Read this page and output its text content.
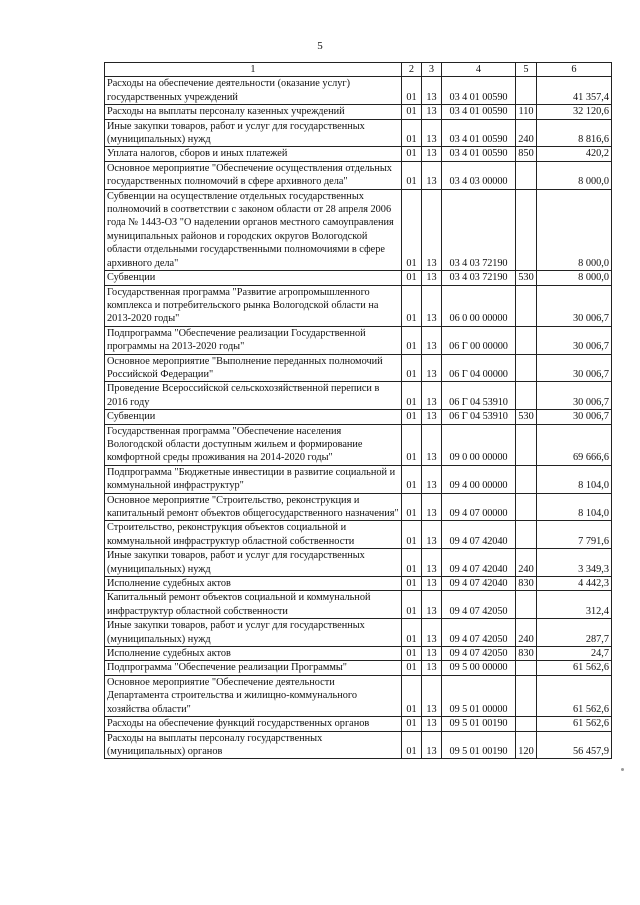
5
1	2	3	4	5	6
Расходы на обеспечение деятельности (оказание услуг) государственных учреждений	01	13	03 4 01 00590		41 357,4
Расходы на выплаты персоналу казенных учреждений	01	13	03 4 01 00590	110	32 120,6
Иные закупки товаров, работ и услуг для государственных (муниципальных) нужд	01	13	03 4 01 00590	240	8 816,6
Уплата налогов, сборов и иных платежей	01	13	03 4 01 00590	850	420,2
Основное мероприятие "Обеспечение осуществления отдельных государственных полномочий в сфере архивного дела"	01	13	03 4 03 00000		8 000,0
Субвенции на осуществление отдельных государственных полномочий в соответствии с законом области от 28 апреля 2006 года № 1443-ОЗ "О наделении органов местного самоуправления муниципальных районов и городских округов Вологодской области отдельными государственными полномочиями в сфере архивного дела"	01	13	03 4 03 72190		8 000,0
Субвенции	01	13	03 4 03 72190	530	8 000,0
Государственная программа "Развитие агропромышленного комплекса и потребительского рынка Вологодской области на 2013-2020 годы"	01	13	06 0 00 00000		30 006,7
Подпрограмма "Обеспечение реализации Государственной программы на 2013-2020 годы"	01	13	06 Г 00 00000		30 006,7
Основное мероприятие "Выполнение переданных полномочий Российской Федерации"	01	13	06 Г 04 00000		30 006,7
Проведение Всероссийской сельскохозяйственной переписи в 2016 году	01	13	06 Г 04 53910		30 006,7
Субвенции	01	13	06 Г 04 53910	530	30 006,7
Государственная программа "Обеспечение населения Вологодской области доступным жильем и формирование комфортной среды проживания на 2014-2020 годы"	01	13	09 0 00 00000		69 666,6
Подпрограмма "Бюджетные инвестиции в развитие социальной и коммунальной инфраструктур"	01	13	09 4 00 00000		8 104,0
Основное мероприятие "Строительство, реконструкция и капитальный ремонт объектов общегосударственного назначения"	01	13	09 4 07 00000		8 104,0
Строительство, реконструкция объектов социальной и коммунальной инфраструктур областной собственности	01	13	09 4 07 42040		7 791,6
Иные закупки товаров, работ и услуг для государственных (муниципальных) нужд	01	13	09 4 07 42040	240	3 349,3
Исполнение судебных актов	01	13	09 4 07 42040	830	4 442,3
Капитальный ремонт объектов социальной и коммунальной инфраструктур областной собственности	01	13	09 4 07 42050		312,4
Иные закупки товаров, работ и услуг для государственных (муниципальных) нужд	01	13	09 4 07 42050	240	287,7
Исполнение судебных актов	01	13	09 4 07 42050	830	24,7
Подпрограмма "Обеспечение реализации Программы"	01	13	09 5 00 00000		61 562,6
Основное мероприятие "Обеспечение деятельности Департамента строительства и жилищно-коммунального хозяйства области"	01	13	09 5 01 00000		61 562,6
Расходы на обеспечение функций государственных органов	01	13	09 5 01 00190		61 562,6
Расходы на выплаты персоналу государственных (муниципальных) органов	01	13	09 5 01 00190	120	56 457,9
